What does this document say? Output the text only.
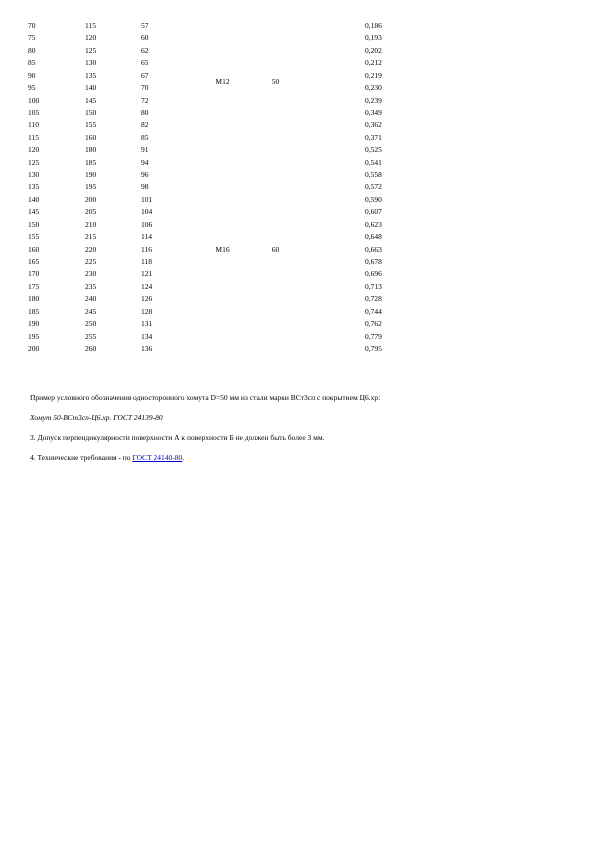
70	115	57	М12	50		0,186
75	120	60				0,193
80	125	62				0,202
85	130	65				0,212
90	135	67				0,219
95	140	70				0,230
100	145	72				0,239
105	150	80				0,349
110	155	82				0,362
115	160	85				0,371
120	180	91	М16	60		0,525
125	185	94				0,541
130	190	96				0,558
135	195	98				0,572
140	200	101				0,590
145	205	104				0,607
150	210	106				0,623
155	215	114				0,648
160	220	116				0,663
165	225	118				0,678
170	230	121				0,696
175	235	124				0,713
180	240	126				0,728
185	245	128				0,744
190	250	131				0,762
195	255	134				0,779
200	260	136				0,795
Пример условного обозначения односторонного хомута D=50 мм из стали марки ВСт3сп с покрытием Ц6.хр:
Хомут 50-ВСт3сп-Ц6.хр. ГОСТ 24139-80
3. Допуск перпендикулярности поверхности А к поверхности Б не должен быть более 3 мм.
4. Технические требования - по ГОСТ 24140-80.
